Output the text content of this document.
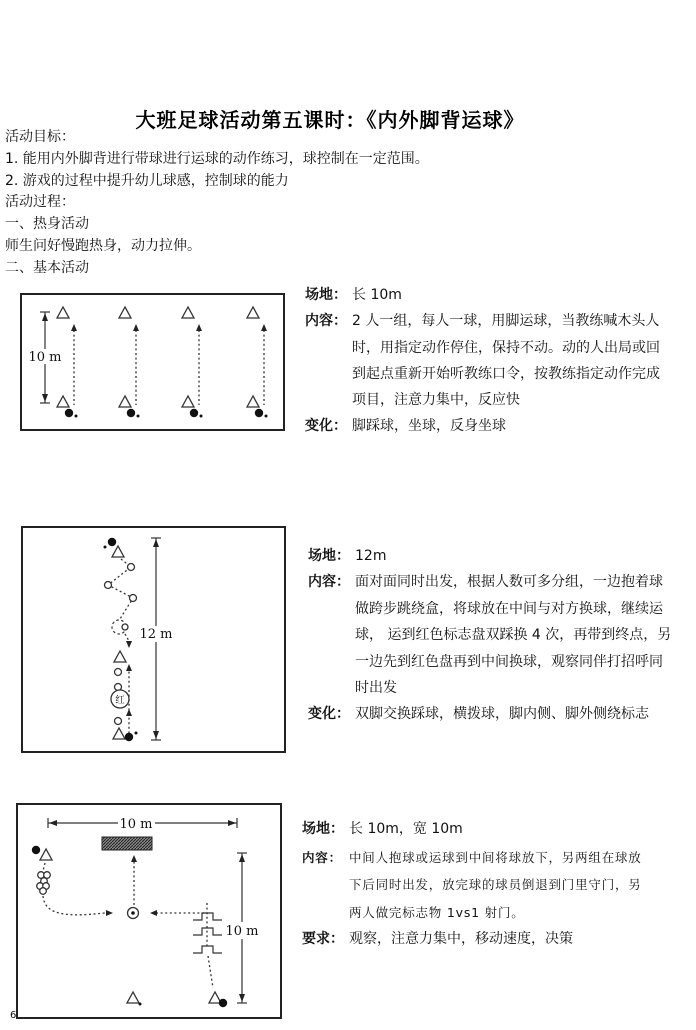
大班足球活动第五课时：《内外脚背运球》
活动目标：
1. 能用内外脚背进行带球进行运球的动作练习，球控制在一定范围。
2. 游戏的过程中提升幼儿球感，控制球的能力
活动过程：
一、热身活动
师生问好慢跑热身，动力拉伸。
二、基本活动
10 m
12 m
红
10 m
10 m
场地： 长 10m
内容： 2 人一组，每人一球，用脚运球，当教练喊木头人
时，用指定动作停住，保持不动。动的人出局或回
到起点重新开始听教练口令，按教练指定动作完成
项目，注意力集中，反应快
变化： 脚踩球，坐球，反身坐球
场地： 12m
内容： 面对面同时出发，根据人数可多分组，一边抱着球
做跨步跳绕盒，将球放在中间与对方换球，继续运
球， 运到红色标志盘双踩换 4 次，再带到终点，另
一边先到红色盘再到中间换球，观察同伴打招呼同
时出发
变化： 双脚交换踩球，横拨球，脚内侧、脚外侧绕标志
场地： 长 10m，宽 10m
内容： 中间人抱球或运球到中间将球放下，另两组在球放
下后同时出发，放完球的球员倒退到门里守门，另
两人做完标志物 1vs1 射门。
要求： 观察，注意力集中，移动速度，决策
6
